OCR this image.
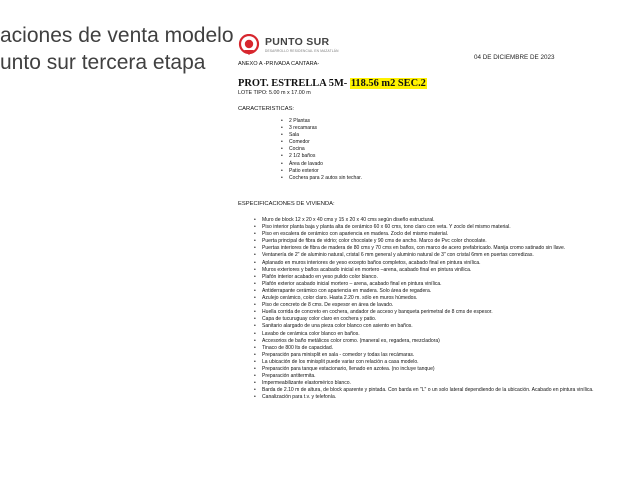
aciones de venta modelo
unto sur tercera etapa
PUNTO SUR
DESARROLLO RESIDENCIAL EN MAZATLÁN
04 DE DICIEMBRE DE 2023
ANEXO A -PRIVADA CANTARA-
PROT. ESTRELLA 5M- 118.56 m2 SEC.2
LOTE TIPO: 5.00 m x 17.00 m
CARACTERISTICAS:
• 2 Plantas
• 3 recamaras
• Sala
• Comedor
• Cocina
• 2 1/2 baños
• Área de lavado
• Patio exterior
• Cochera para 2 autos sin techar.
ESPECIFICACIONES DE VIVIENDA:
• Muro de block 12 x 20 x 40 cms y 15 x 20 x 40 cms según diseño estructural.
• Piso interior planta baja y planta alta de cerámico 60 x 60 cms, tono claro con veta. Y zoclo del mismo material.
• Piso en escalera de cerámico con apariencia en madera. Zoclo del mismo material.
• Puerta principal de fibra de vidrio; color chocolate y 90 cms de ancho. Marco de Pvc color chocolate.
• Puertas interiores de fibra de madera de 80 cms y 70 cms en baños, con marco de acero prefabricado. Manija cromo satinado sin llave.
• Ventanería de 2" de aluminio natural, cristal 6 mm general y aluminio natural de 3" con cristal 6mm en puertas corredizas.
• Aplanado en muros interiores de yeso excepto baños completos, acabado final en pintura vinílica.
• Muros exteriores y baños acabado inicial en mortero –arena, acabado final en pintura vinílica.
• Plafón interior acabado en yeso pulido color blanco.
• Plafón exterior acabado inicial mortero – arena, acabado final en pintura vinílica.
• Antiderrapante cerámico con apariencia en madera. Solo área de regadera.
• Azulejo cerámico, color claro. Hasta 2.20 m. sólo en muros húmedos.
• Piso de concreto de 8 cms. De espesor en área de lavado.
• Huella corrida de concreto en cochera, andador de acceso y banqueta perimetral de 8 cms de espesor.
• Capa de tucuruguay color claro en cochera y patio.
• Sanitario alargado de una pieza color blanco con asiento en baños.
• Lavabo de cerámica color blanco en baños.
• Accesorios de baño metálicos color cromo. (maneral es, regadera, mezcladora)
• Tinaco de 800 lts de capacidad.
• Preparación para minisplit en sala - comedor y todas las recámaras.
• La ubicación de los minisplit puede variar con relación a casa modelo.
• Preparación para tanque estacionario, llenado en azotea. (no incluye tanque)
• Preparación antitermita.
• Impermeabilizante elastomérico blanco.
• Barda de 2.10 m de altura, de block aparente y pintada. Con barda en "L" o un solo lateral dependiendo de la ubicación. Acabado en pintura vinílica.
• Canalización para t.v. y telefonía.
